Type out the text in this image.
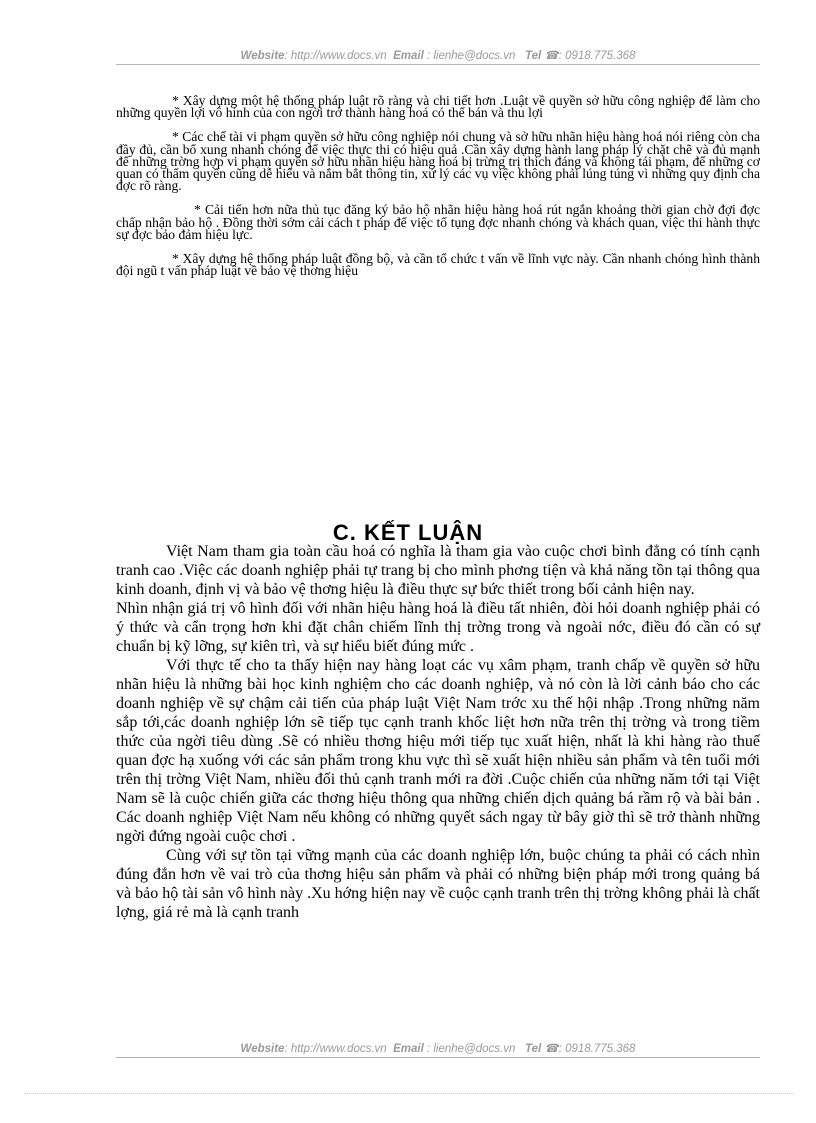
Website: http://www.docs.vn Email : lienhe@docs.vn Tel ☎: 0918.775.368

* Xây dựng một hệ thống pháp luật rõ ràng và chi tiết hơn .Luật về quyền sở hữu công nghiệp để làm cho những quyền lợi vô hình của con ngời trở thành hàng hoá có thể bán và thu lợi

* Các chế tài vi phạm quyền sở hữu công nghiệp nói chung và sở hữu nhãn hiệu hàng hoá nói riêng còn cha đầy đủ, cần bổ xung nhanh chóng để việc thực thi có hiệu quả .Cần xây dựng hành lang pháp lý chặt chẽ và đủ mạnh để những trờng hợp vi phạm quyền sở hữu nhãn hiệu hàng hoá bị trừng trị thích đáng và không tái phạm, để những cơ quan có thẩm quyền cũng dễ hiểu và nắm bắt thông tin, xử lý các vụ việc không phải lúng túng vì những quy định cha đợc rõ ràng.

* Cải tiến hơn nữa thủ tục đăng ký bảo hộ nhãn hiệu hàng hoá rút ngắn khoảng thời gian chờ đợi đợc chấp nhận bảo hộ . Đồng thời sớm cải cách t pháp để việc tố tụng đợc nhanh chóng và khách quan, việc thi hành thực sự đợc bảo đảm hiệu lực.

* Xây dựng hệ thống pháp luật đồng bộ, và cần tổ chức t vấn về lĩnh vực này. Cần nhanh chóng hình thành đội ngũ t vấn pháp luật về bảo vệ thơng hiệu

C. KẾT LUẬN

Việt Nam tham gia toàn cầu hoá có nghĩa là tham gia vào cuộc chơi bình đẳng có tính cạnh tranh cao .Việc các doanh nghiệp phải tự trang bị cho mình phơng tiện và khả năng tồn tại thông qua kinh doanh, định vị và bảo vệ thơng hiệu là điều thực sự bức thiết trong bối cảnh hiện nay.

Nhìn nhận giá trị vô hình đối với nhãn hiệu hàng hoá là điều tất nhiên, đòi hỏi doanh nghiệp phải có ý thức và cẩn trọng hơn khi đặt chân chiếm lĩnh thị trờng trong và ngoài nớc, điều đó cần có sự chuẩn bị kỹ lỡng, sự kiên trì, và sự hiểu biết đúng mức .

Với thực tế cho ta thấy hiện nay hàng loạt các vụ xâm phạm, tranh chấp về quyền sở hữu nhãn hiệu là những bài học kinh nghiệm cho các doanh nghiệp, và nó còn là lời cảnh báo cho các doanh nghiệp về sự chậm cải tiến của pháp luật Việt Nam trớc xu thế hội nhập .Trong những năm sắp tới,các doanh nghiệp lớn sẽ tiếp tục cạnh tranh khốc liệt hơn nữa trên thị trờng và trong tiềm thức của ngời tiêu dùng .Sẽ có nhiều thơng hiệu mới tiếp tục xuất hiện, nhất là khi hàng rào thuế quan đợc hạ xuống với các sản phẩm trong khu vực thì sẽ xuất hiện nhiều sản phẩm và tên tuổi mới trên thị trờng Việt Nam, nhiều đối thủ cạnh tranh mới ra đời .Cuộc chiến của những năm tới tại Việt Nam sẽ là cuộc chiến giữa các thơng hiệu thông qua những chiến dịch quảng bá rầm rộ và bài bản . Các doanh nghiệp Việt Nam nếu không có những quyết sách ngay từ bây giờ thì sẽ trở thành những ngời đứng ngoài cuộc chơi .

Cùng với sự tồn tại vững mạnh của các doanh nghiệp lớn, buộc chúng ta phải có cách nhìn đúng đắn hơn về vai trò của thơng hiệu sản phẩm và phải có những biện pháp mới trong quảng bá và bảo hộ tài sản vô hình này .Xu hớng hiện nay về cuộc cạnh tranh trên thị trờng không phải là chất lợng, giá rẻ mà là cạnh tranh

Website: http://www.docs.vn Email : lienhe@docs.vn Tel ☎: 0918.775.368
